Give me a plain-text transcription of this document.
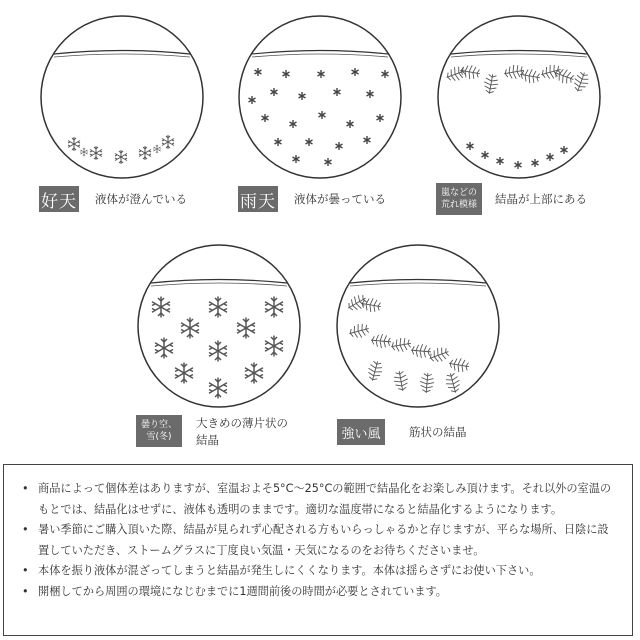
好天 液体が澄んでいる	雨天 液体が曇っている	嵐などの荒れ模様	結晶が上部にある
曇り空、雪(冬)
大きめの薄片状の結晶	強い風	筋状の結晶
• 商品によって個体差はありますが、室温およそ5°C〜25°Cの範囲で結晶化をお楽しみ頂けます。それ以外の室温のもとでは、結晶化はせずに、液体も透明のままです。適切な温度帯になると結晶化するようになります。
• 暑い季節にご購入頂いた際、結晶が見られず心配される方もいらっしゃるかと存じますが、平らな場所、日陰に設置していただき、ストームグラスに丁度良い気温・天気になるのをお待ちくださいませ。
• 本体を振り液体が混ざってしまうと結晶が発生しにくくなります。本体は揺らさずにお使い下さい。
• 開梱してから周囲の環境になじむまでに1週間前後の時間が必要とされています。
